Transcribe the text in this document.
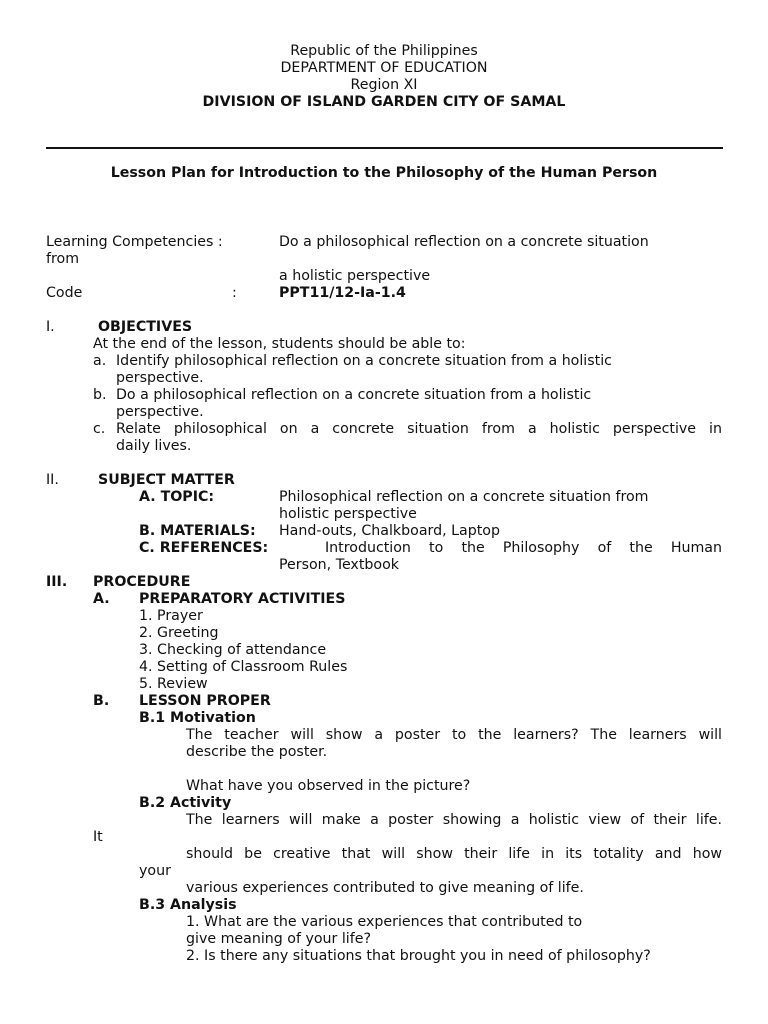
Republic of the Philippines
DEPARTMENT OF EDUCATION
Region XI
DIVISION OF ISLAND GARDEN CITY OF SAMAL
Lesson Plan for Introduction to the Philosophy of the Human Person
Learning Competencies :	Do a philosophical reflection on a concrete situation
from
a holistic perspective
Code	:	PPT11/12-Ia-1.4
I.	OBJECTIVES
At the end of the lesson, students should be able to:
a. Identify philosophical reflection on a concrete situation from a holistic
perspective.
b. Do a philosophical reflection on a concrete situation from a holistic
perspective.
c. Relate philosophical on a concrete situation from a holistic perspective in
daily lives.
II.	SUBJECT MATTER
A. TOPIC:	Philosophical reflection on a concrete situation from
holistic perspective
B. MATERIALS: Hand-outs, Chalkboard, Laptop
C. REFERENCES:	Introduction to the Philosophy of the Human
Person, Textbook
III. PROCEDURE
A. PREPARATORY ACTIVITIES
1. Prayer
2. Greeting
3. Checking of attendance
4. Setting of Classroom Rules
5. Review
B. LESSON PROPER
B.1 Motivation
The teacher will show a poster to the learners? The learners will
describe the poster.
What have you observed in the picture?
B.2 Activity
The learners will make a poster showing a holistic view of their life.
It
should be creative that will show their life in its totality and how
your
various experiences contributed to give meaning of life.
B.3 Analysis
1. What are the various experiences that contributed to
give meaning of your life?
2. Is there any situations that brought you in need of philosophy?
